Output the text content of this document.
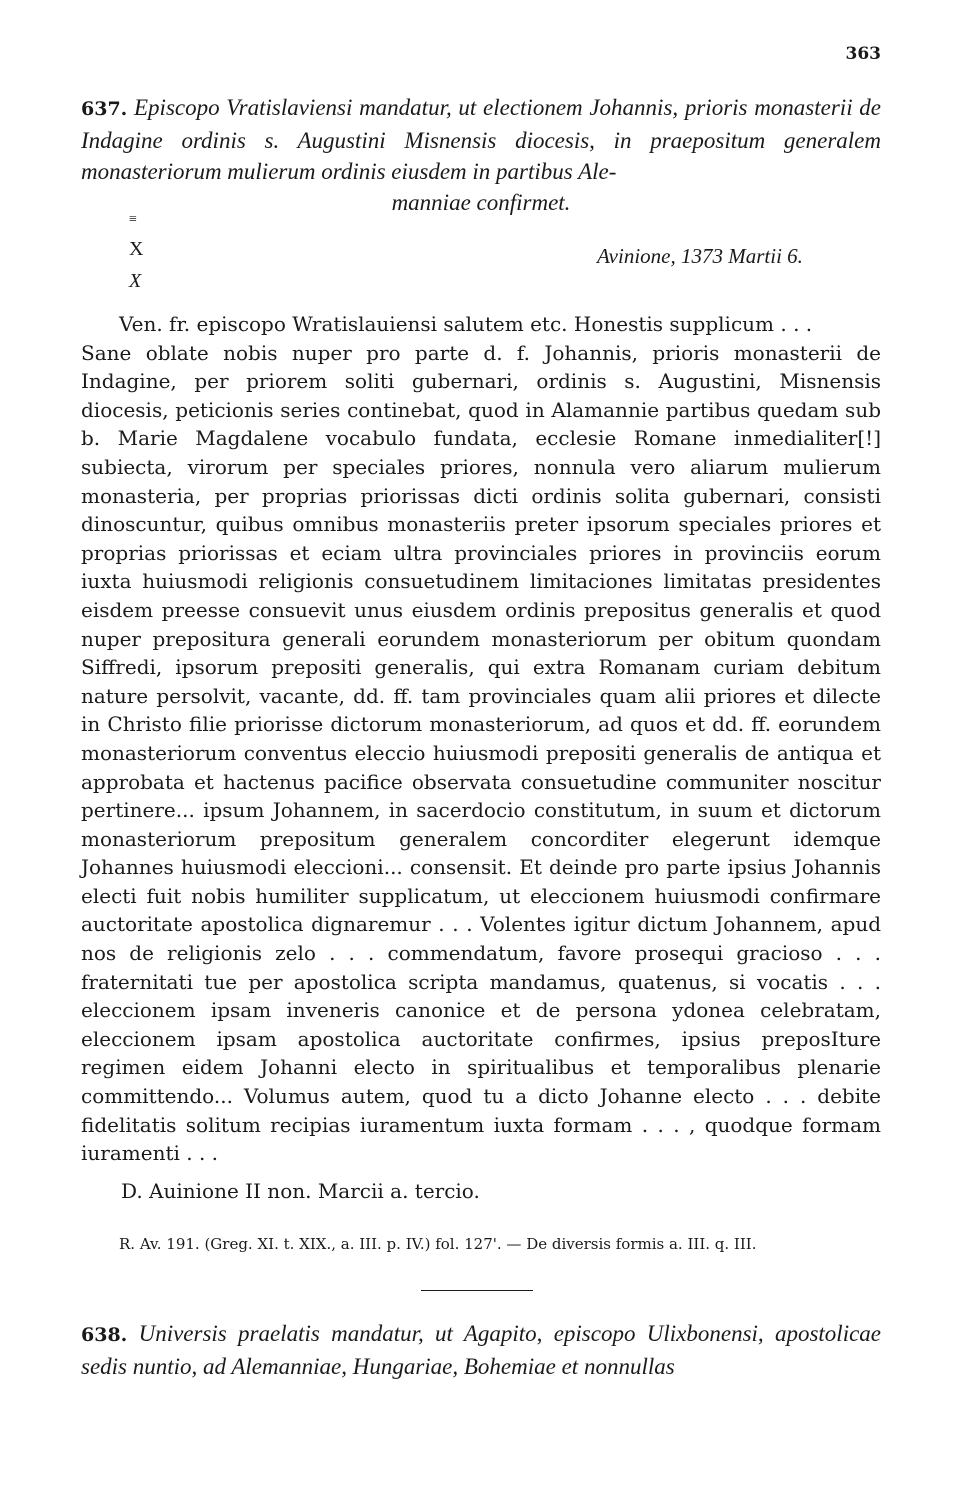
363

637. Episcopo Vratislaviensi mandatur, ut electionem Johannis, prioris monasterii de Indagine ordinis s. Augustini Misnensis diocesis, in praepositum generalem monasteriorum mulierum ordinis eiusdem in partibus Ale-
manniae confirmet.

≡
X
X
Avinione, 1373 Martii 6.

Ven. fr. episcopo Wratislauiensi salutem etc. Honestis supplicum . . .

Sane oblate nobis nuper pro parte d. f. Johannis, prioris monasterii de Indagine, per priorem soliti gubernari, ordinis s. Augustini, Misnensis diocesis, peticionis series continebat, quod in Alamannie partibus quedam sub b. Marie Magdalene vocabulo fundata, ecclesie Romane inmedialiter[!] subiecta, virorum per speciales priores, nonnula vero aliarum mulierum monasteria, per proprias priorissas dicti ordinis solita gubernari, consisti dinoscuntur, quibus omnibus monasteriis preter ipsorum speciales priores et proprias priorissas et eciam ultra provinciales priores in provinciis eorum iuxta huiusmodi religionis consuetudinem limitaciones limitatas presidentes eisdem preesse consuevit unus eiusdem ordinis prepositus generalis et quod nuper prepositura generali eorundem monasteriorum per obitum quondam Siffredi, ipsorum prepositi generalis, qui extra Romanam curiam debitum nature persolvit, vacante, dd. ff. tam provinciales quam alii priores et dilecte in Christo filie priorisse dictorum monasteriorum, ad quos et dd. ff. eorundem monasteriorum conventus eleccio huiusmodi prepositi generalis de antiqua et approbata et hactenus pacifice observata consuetudine communiter noscitur pertinere... ipsum Johannem, in sacerdocio constitutum, in suum et dictorum monasteriorum prepositum generalem concorditer elegerunt idemque Johannes huiusmodi eleccioni... consensit. Et deinde pro parte ipsius Johannis electi fuit nobis humiliter supplicatum, ut eleccionem huiusmodi confirmare auctoritate apostolica dignaremur . . . Volentes igitur dictum Johannem, apud nos de religionis zelo . . . commendatum, favore prosequi gracioso . . . fraternitati tue per apostolica scripta mandamus, quatenus, si vocatis . . . eleccionem ipsam inveneris canonice et de persona ydonea celebratam, eleccionem ipsam apostolica auctoritate confirmes, ipsius preposIture regimen eidem Johanni electo in spiritualibus et temporalibus plenarie committendo... Volumus autem, quod tu a dicto Johanne electo . . . debite fidelitatis solitum recipias iuramentum iuxta formam . . . , quodque formam iuramenti . . .

D. Auinione II non. Marcii a. tercio.
R. Av. 191. (Greg. XI. t. XIX., a. III. p. IV.) fol. 127'. — De diversis formis a. III. q. III.

638. Universis praelatis mandatur, ut Agapito, episcopo Ulixbonensi, apostolicae sedis nuntio, ad Alemanniae, Hungariae, Bohemiae et nonnullas
